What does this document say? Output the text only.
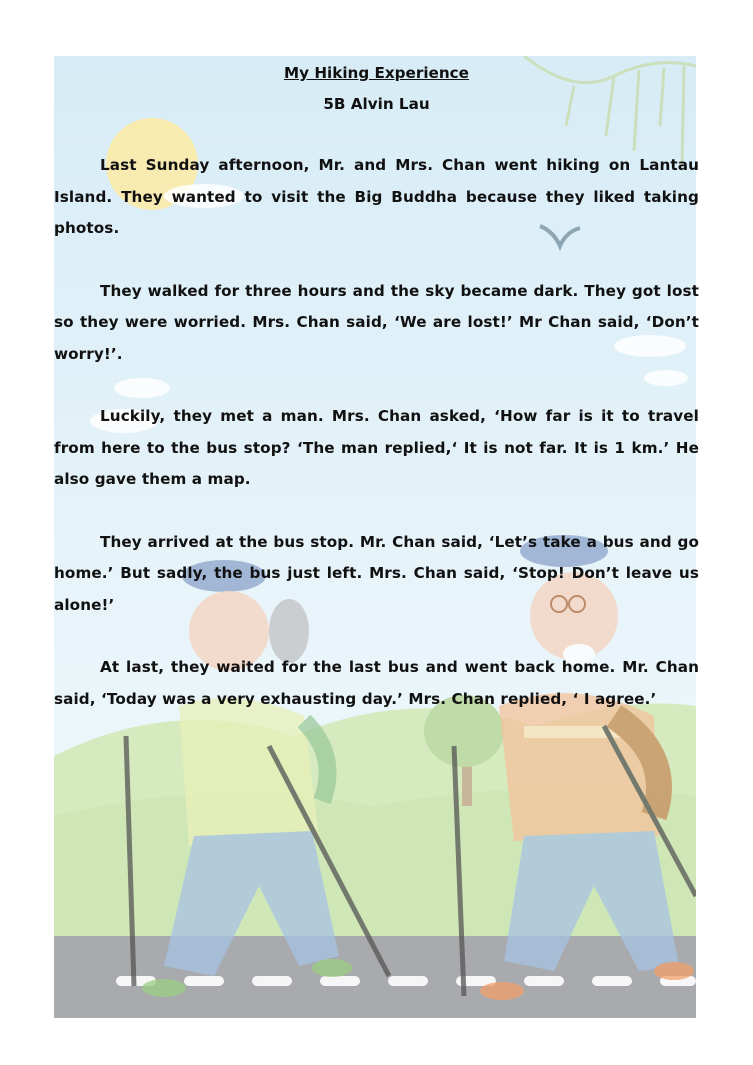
My Hiking Experience
5B Alvin Lau

Last Sunday afternoon, Mr. and Mrs. Chan went hiking on Lantau Island. They wanted to visit the Big Buddha because they liked taking photos.

They walked for three hours and the sky became dark. They got lost so they were worried. Mrs. Chan said, ‘We are lost!’ Mr Chan said, ‘Don’t worry!’.

Luckily, they met a man. Mrs. Chan asked, ‘How far is it to travel from here to the bus stop? ‘The man replied,‘ It is not far. It is 1 km.’ He also gave them a map.

They arrived at the bus stop. Mr. Chan said, ‘Let’s take a bus and go home.’ But sadly, the bus just left. Mrs. Chan said, ‘Stop! Don’t leave us alone!’

At last, they waited for the last bus and went back home. Mr. Chan said, ‘Today was a very exhausting day.’ Mrs. Chan replied, ‘ I agree.’
